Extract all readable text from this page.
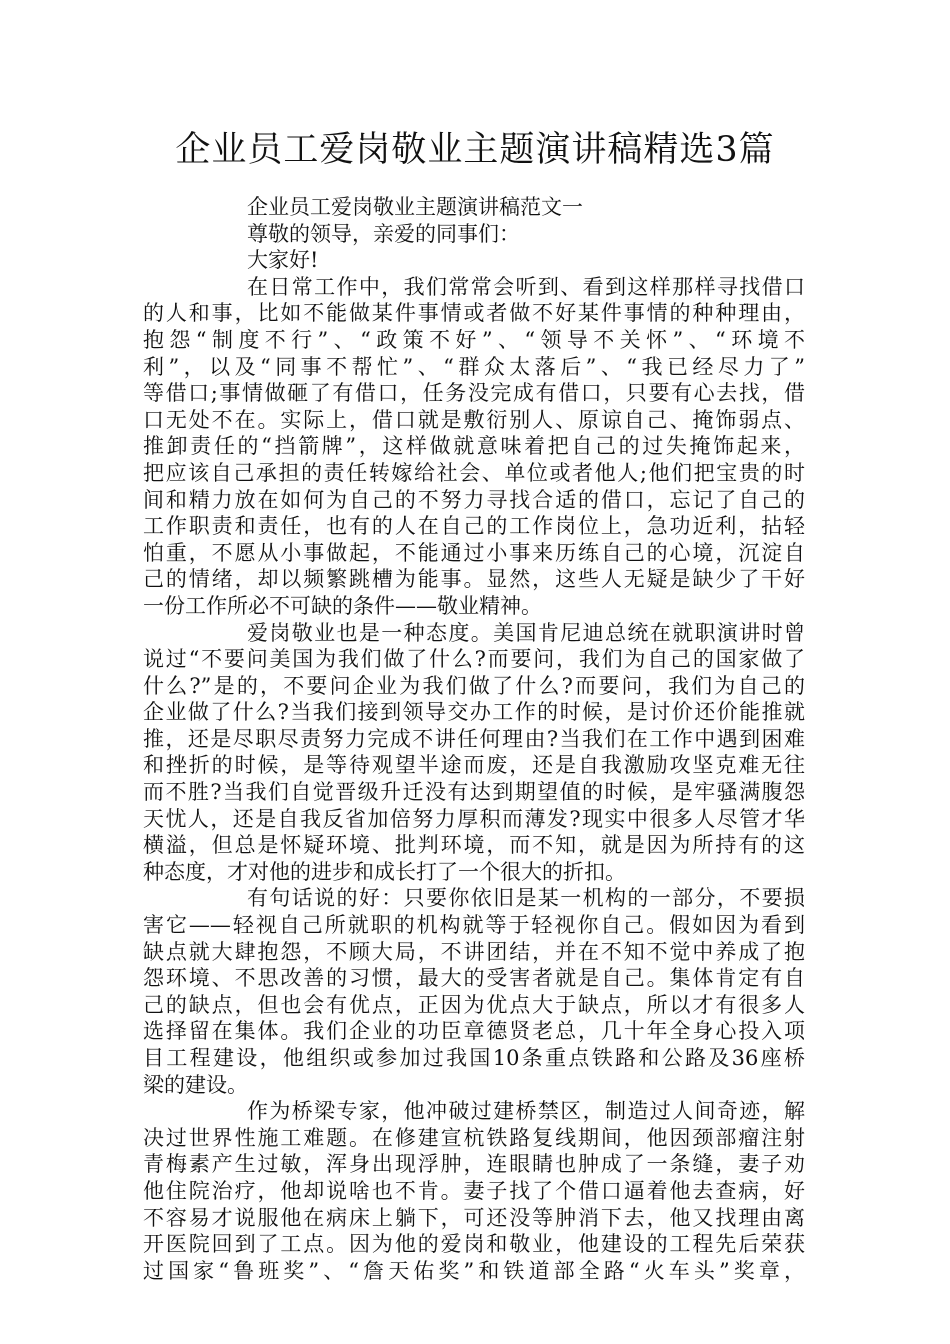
企业员工爱岗敬业主题演讲稿精选3篇
企业员工爱岗敬业主题演讲稿范文一
尊敬的领导，亲爱的同事们：
大家好!
在日常工作中，我们常常会听到、看到这样那样寻找借口
的人和事，比如不能做某件事情或者做不好某件事情的种种理由，
抱怨“制度不行”、“政策不好”、“领导不关怀”、“环境不
利”，以及“同事不帮忙”、“群众太落后”、“我已经尽力了”
等借口;事情做砸了有借口，任务没完成有借口，只要有心去找，借
口无处不在。实际上，借口就是敷衍别人、原谅自己、掩饰弱点、
推卸责任的“挡箭牌”，这样做就意味着把自己的过失掩饰起来，
把应该自己承担的责任转嫁给社会、单位或者他人;他们把宝贵的时
间和精力放在如何为自己的不努力寻找合适的借口，忘记了自己的
工作职责和责任，也有的人在自己的工作岗位上，急功近利，拈轻
怕重，不愿从小事做起，不能通过小事来历练自己的心境，沉淀自
己的情绪，却以频繁跳槽为能事。显然，这些人无疑是缺少了干好
一份工作所必不可缺的条件——敬业精神。
爱岗敬业也是一种态度。美国肯尼迪总统在就职演讲时曾
说过“不要问美国为我们做了什么?而要问，我们为自己的国家做了
什么?”是的，不要问企业为我们做了什么?而要问，我们为自己的
企业做了什么?当我们接到领导交办工作的时候，是讨价还价能推就
推，还是尽职尽责努力完成不讲任何理由?当我们在工作中遇到困难
和挫折的时候，是等待观望半途而废，还是自我激励攻坚克难无往
而不胜?当我们自觉晋级升迁没有达到期望值的时候，是牢骚满腹怨
天忧人，还是自我反省加倍努力厚积而薄发?现实中很多人尽管才华
横溢，但总是怀疑环境、批判环境，而不知，就是因为所持有的这
种态度，才对他的进步和成长打了一个很大的折扣。
有句话说的好：只要你依旧是某一机构的一部分，不要损
害它——轻视自己所就职的机构就等于轻视你自己。假如因为看到
缺点就大肆抱怨，不顾大局，不讲团结，并在不知不觉中养成了抱
怨环境、不思改善的习惯，最大的受害者就是自己。集体肯定有自
己的缺点，但也会有优点，正因为优点大于缺点，所以才有很多人
选择留在集体。我们企业的功臣章德贤老总，几十年全身心投入项
目工程建设，他组织或参加过我国10条重点铁路和公路及36座桥
梁的建设。
作为桥梁专家，他冲破过建桥禁区，制造过人间奇迹，解
决过世界性施工难题。在修建宣杭铁路复线期间，他因颈部瘤注射
青梅素产生过敏，浑身出现浮肿，连眼睛也肿成了一条缝，妻子劝
他住院治疗，他却说啥也不肯。妻子找了个借口逼着他去查病，好
不容易才说服他在病床上躺下，可还没等肿消下去，他又找理由离
开医院回到了工点。因为他的爱岗和敬业，他建设的工程先后荣获
过国家“鲁班奖”、“詹天佑奖”和铁道部全路“火车头”奖章，
